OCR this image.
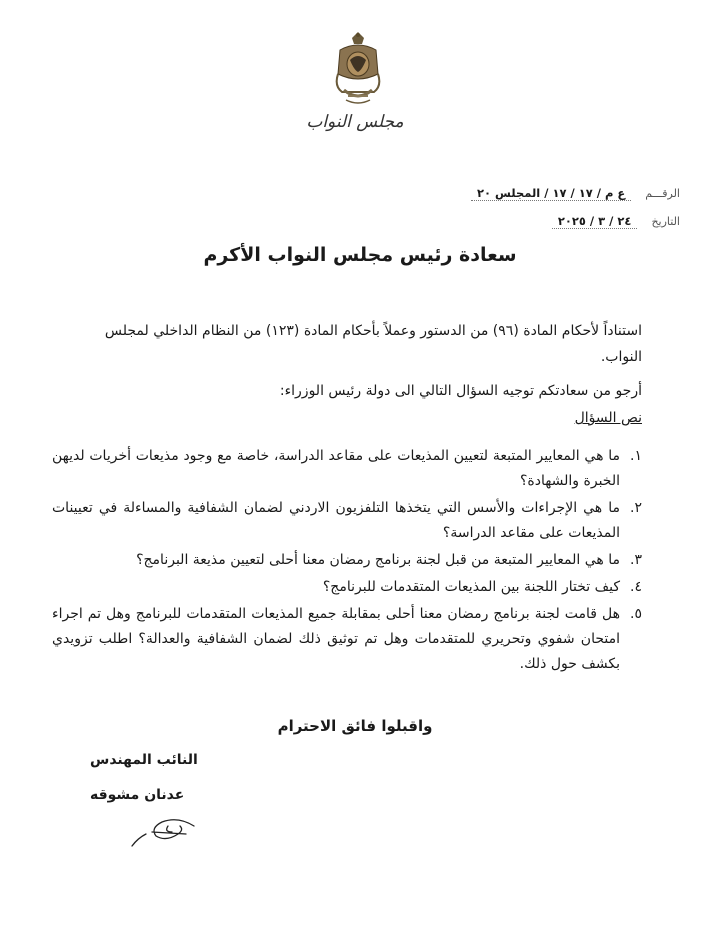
مجلس النواب
الرقـــم
ع م / ١٧ / ١٧ / المجلس ٢٠
التاريخ
٢٤ / ٣ / ٢٠٢٥
سعادة رئيس مجلس النواب الأكرم
استناداً لأحكام المادة (٩٦) من الدستور وعملاً بأحكام المادة (١٢٣) من النظام الداخلي لمجلس النواب.
أرجو من سعادتكم توجيه السؤال التالي الى دولة رئيس الوزراء:
نص السؤال
١.
ما هي المعايير المتبعة لتعيين المذيعات على مقاعد الدراسة، خاصة مع وجود مذيعات أخريات لديهن الخبرة والشهادة؟
٢.
ما هي الإجراءات والأسس التي يتخذها التلفزيون الاردني لضمان الشفافية والمساءلة في تعيينات المذيعات على مقاعد الدراسة؟
٣.
ما هي المعايير المتبعة من قبل لجنة برنامج رمضان معنا أحلى لتعيين مذيعة البرنامج؟
٤.
كيف تختار اللجنة بين المذيعات المتقدمات للبرنامج؟
٥.
هل قامت لجنة برنامج رمضان معنا أحلى بمقابلة جميع المذيعات المتقدمات للبرنامج وهل تم اجراء امتحان شفوي وتحريري للمتقدمات وهل تم توثيق ذلك لضمان الشفافية والعدالة؟ اطلب تزويدي بكشف حول ذلك.
واقبلوا فائق الاحترام
النائب المهندس
عدنان مشوقه
